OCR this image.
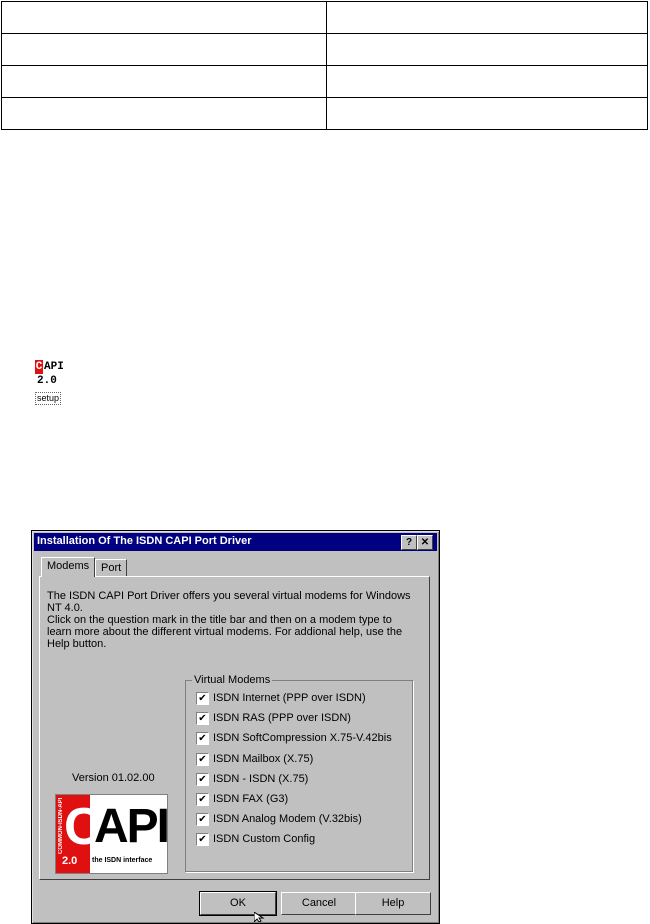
C API
2.0
setup
Installation Of The ISDN CAPI Port Driver	? ✕
Modems	Port

The ISDN CAPI Port Driver offers you several virtual modems for Windows NT 4.0.

Click on the question mark in the title bar and then on a modem type to learn more about the different virtual modems. For addional help, use the Help button.

Version 01.02.00
COMMON-ISDN-API C
API
2.0 the ISDN interface
Virtual Modems
✔ ISDN Internet (PPP over ISDN)
✔ ISDN RAS (PPP over ISDN)
✔ ISDN SoftCompression X.75-V.42bis
✔ ISDN Mailbox (X.75)
✔ ISDN - ISDN (X.75)
✔ ISDN FAX (G3)
✔ ISDN Analog Modem (V.32bis)
✔ ISDN Custom Config
OK	Cancel	Help
